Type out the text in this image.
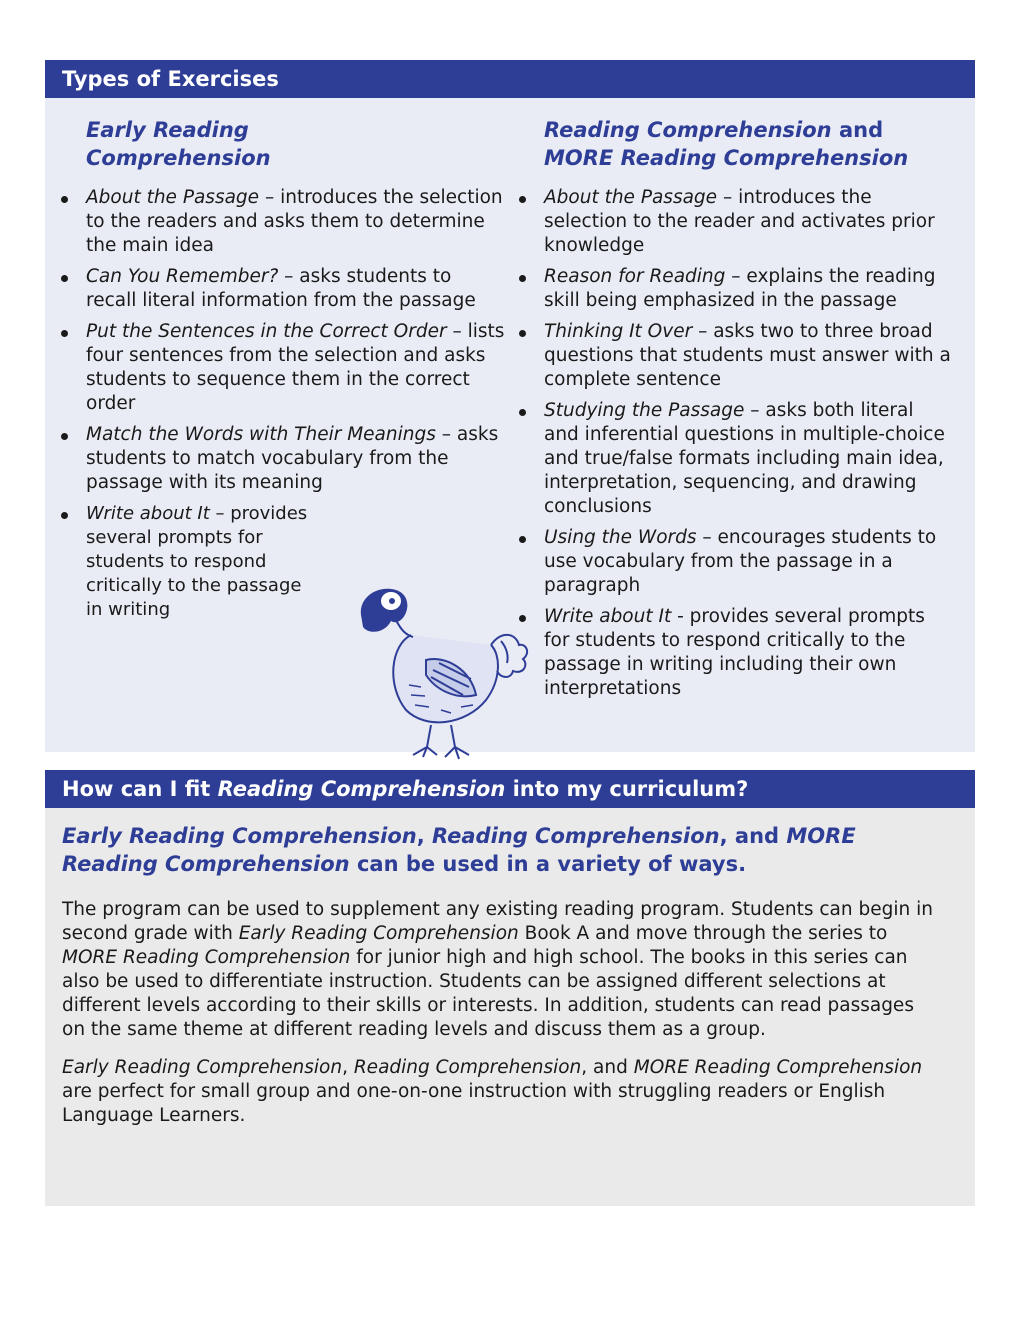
Types of Exercises
Early Reading
Comprehension
About the Passage – introduces the selection to the readers and asks them to determine the main idea
Can You Remember? – asks students to recall literal information from the passage
Put the Sentences in the Correct Order – lists four sentences from the selection and asks students to sequence them in the correct order
Match the Words with Their Meanings – asks students to match vocabulary from the passage with its meaning
Write about It – provides several prompts for students to respond critically to the passage in writing
Reading Comprehension and
MORE Reading Comprehension
About the Passage – introduces the selection to the reader and activates prior knowledge
Reason for Reading – explains the reading skill being emphasized in the passage
Thinking It Over – asks two to three broad questions that students must answer with a complete sentence
Studying the Passage – asks both literal and inferential questions in multiple-choice and true/false formats including main idea, interpretation, sequencing, and drawing conclusions
Using the Words – encourages students to use vocabulary from the passage in a paragraph
Write about It - provides several prompts for students to respond critically to the passage in writing including their own interpretations
How can I fit Reading Comprehension into my curriculum?
Early Reading Comprehension, Reading Comprehension, and MORE Reading Comprehension can be used in a variety of ways.
The program can be used to supplement any existing reading program. Students can begin in second grade with Early Reading Comprehension Book A and move through the series to MORE Reading Comprehension for junior high and high school. The books in this series can also be used to differentiate instruction. Students can be assigned different selections at different levels according to their skills or interests. In addition, students can read passages on the same theme at different reading levels and discuss them as a group.
Early Reading Comprehension, Reading Comprehension, and MORE Reading Comprehension are perfect for small group and one-on-one instruction with struggling readers or English Language Learners.
